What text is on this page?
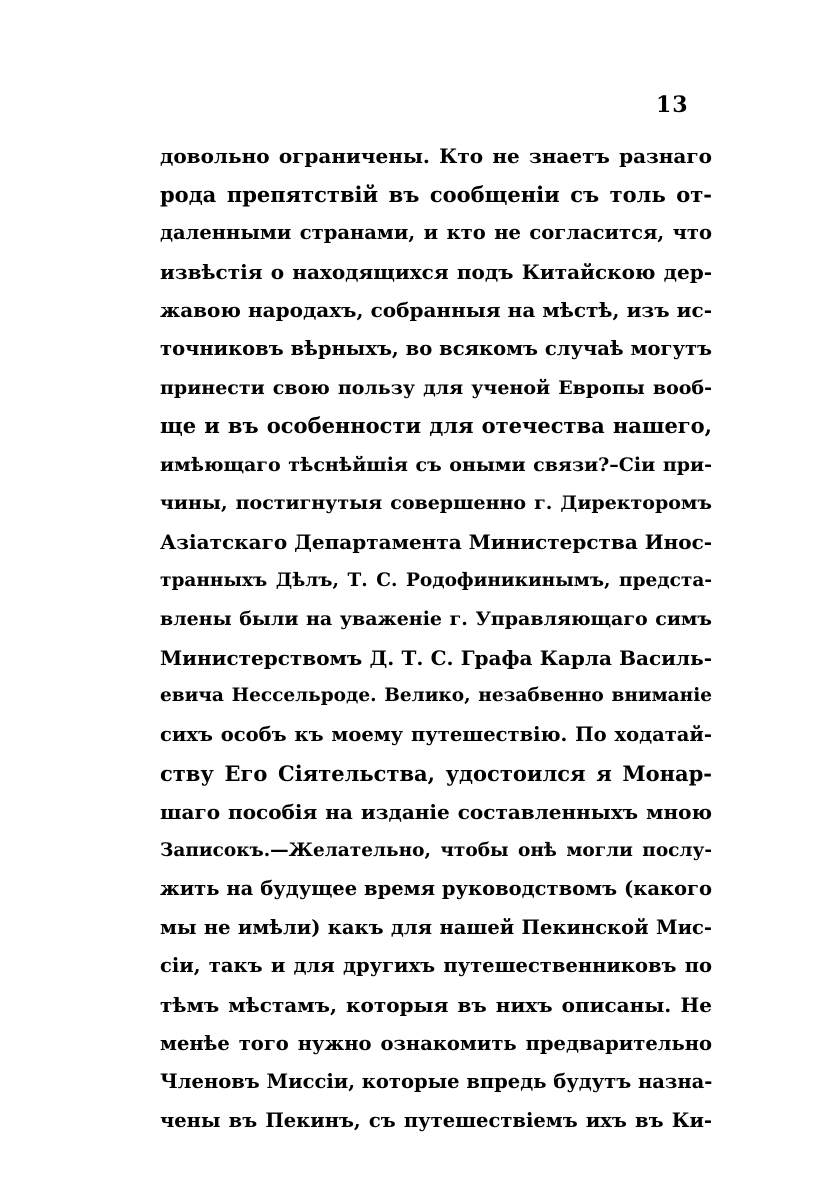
13
довольно ограничены. Кто не знаетъ разнаго
рода препятствій въ сообщеніи съ толь от-
даленными странами, и кто не согласится, что
извѣстія о находящихся подъ Китайскою дер-
жавою народахъ, собранныя на мѣстѣ, изъ ис-
точниковъ вѣрныхъ, во всякомъ случаѣ могутъ
принести свою пользу для ученой Европы вооб-
ще и въ особенности для отечества нашего,
имѣющаго тѣснѣйшія съ оными связи?–Сіи при-
чины, постигнутыя совершенно г. Директоромъ
Азіатскаго Департамента Министерства Инос-
транныхъ Дѣлъ, Т. С. Родофиникинымъ, предста-
влены были на уваженіе г. Управляющаго симъ
Министерствомъ Д. Т. С. Графа Карла Василь-
евича Нессельроде. Велико, незабвенно вниманіе
сихъ особъ къ моему путешествію. По ходатай-
ству Его Сіятельства, удостоился я Монар-
шаго пособія на изданіе составленныхъ мною
Записокъ.—Желательно, чтобы онѣ могли послу-
жить на будущее время руководствомъ (какого
мы не имѣли) какъ для нашей Пекинской Мис-
сіи, такъ и для другихъ путешественниковъ по
тѣмъ мѣстамъ, которыя въ нихъ описаны. Не
менѣе того нужно ознакомить предварительно
Членовъ Миссіи, которые впредь будутъ назна-
чены въ Пекинъ, съ путешествіемъ ихъ въ Ки-
